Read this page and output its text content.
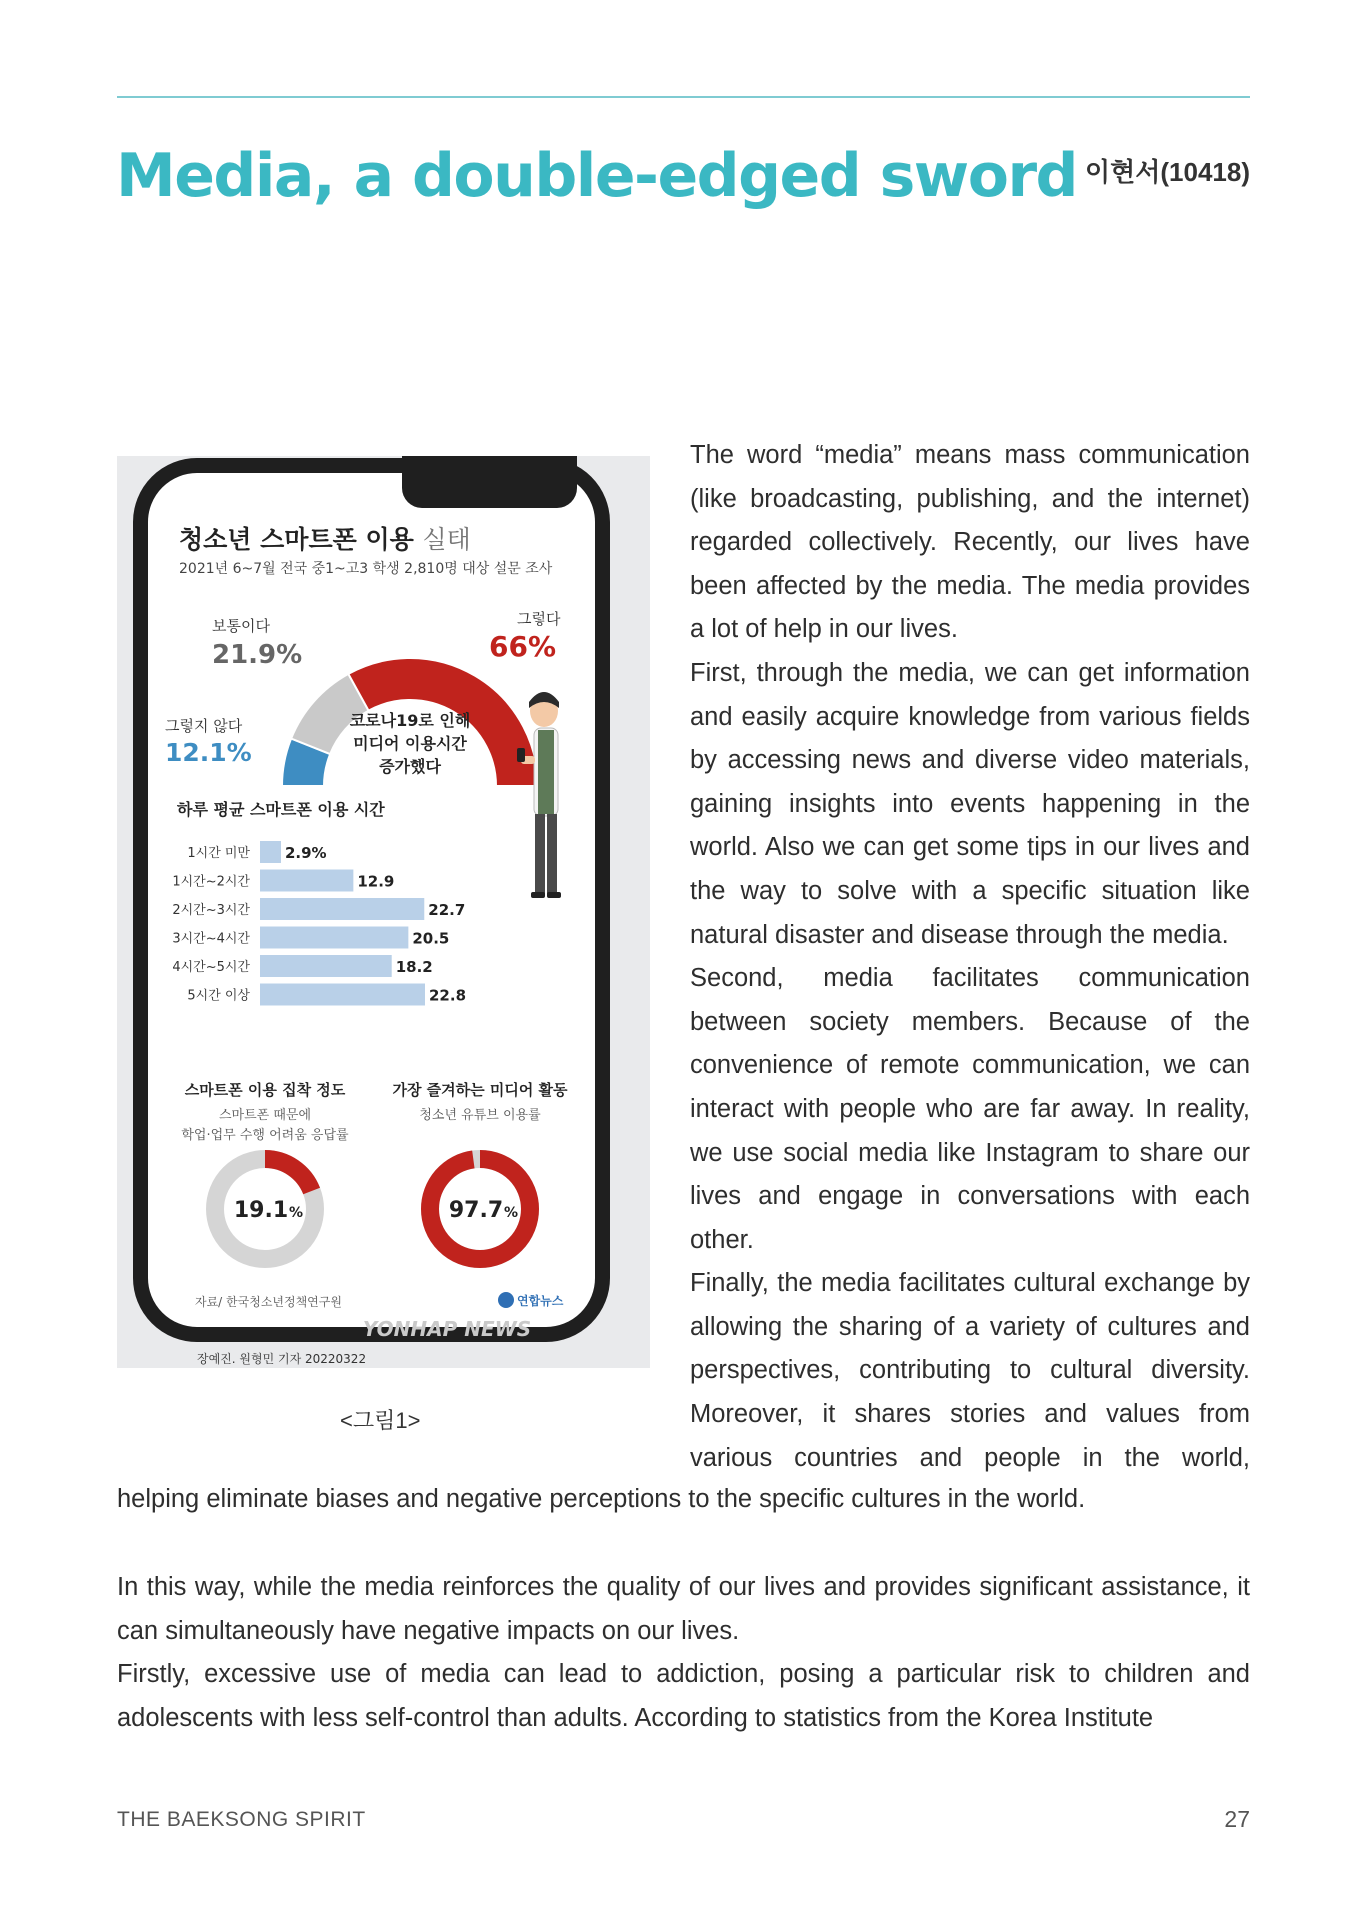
Media, a double-edged sword 이현서(10418)
청소년 스마트폰 이용 실태
2021년 6~7월 전국 중1~고3 학생 2,810명 대상 설문 조사
1시간 미만 2.9%
1시간~2시간	12.9
2시간~3시간	22.7
3시간~4시간	20.5
4시간~5시간	18.2
5시간 이상	22.8
19.1 %	97.7 %
코로나19로 인해
미디어 이용시간
증가했다
그렇다
66%
보통이다
21.9%
그렇지 않다
12.1%
하루 평균 스마트폰 이용 시간
스마트폰 이용 집착 정도
스마트폰 때문에
학업·업무 수행 어려움 응답률
가장 즐겨하는 미디어 활동
청소년 유튜브 이용률
자료/ 한국청소년정책연구원	연합뉴스
YONHAP NEWS
장예진. 원형민 기자 20220322
<그림1>
The word “media” means mass communication (like broadcasting, publishing, and the internet) regarded collectively. Recently, our lives have been affected by the media. The media provides a lot of help in our lives.
First, through the media, we can get information and easily acquire knowledge from various fields by accessing news and diverse video materials, gaining insights into events happening in the world. Also we can get some tips in our lives and the way to solve with a specific situation like natural disaster and disease through the media.
Second, media facilitates communication between society members. Because of the convenience of remote communication, we can interact with people who are far away. In reality, we use social media like Instagram to share our lives and engage in conversations with each other.
Finally, the media facilitates cultural exchange by allowing the sharing of a variety of cultures and perspectives, contributing to cultural diversity. Moreover, it shares stories and values from various countries and people in the world,
helping eliminate biases and negative perceptions to the specific cultures in the world.
In this way, while the media reinforces the quality of our lives and provides significant assistance, it can simultaneously have negative impacts on our lives.
Firstly, excessive use of media can lead to addiction, posing a particular risk to children and adolescents with less self-control than adults. According to statistics from the Korea Institute
THE BAEKSONG SPIRIT	27
